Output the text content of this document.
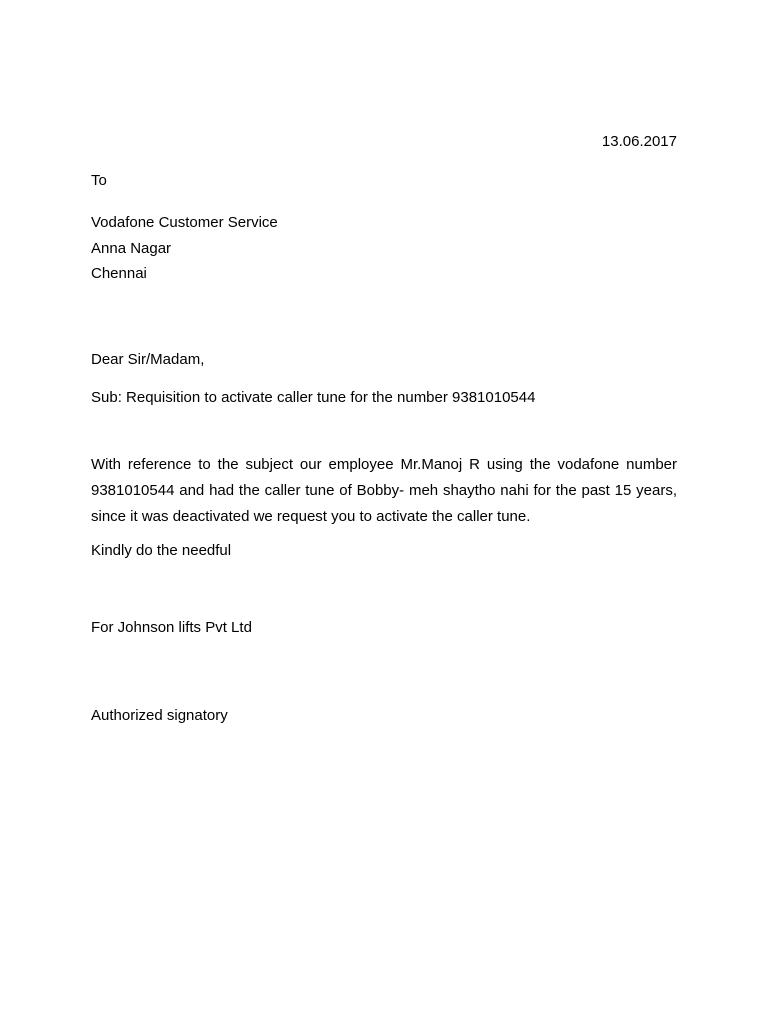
13.06.2017

To

Vodafone Customer Service
Anna Nagar
Chennai

Dear Sir/Madam,

Sub: Requisition to activate caller tune for the number 9381010544

With reference to the subject our employee Mr.Manoj R using the vodafone number 9381010544 and had the caller tune of Bobby- meh shaytho nahi for the past 15 years, since it was deactivated we request you to activate the caller tune.

Kindly do the needful

For Johnson lifts Pvt Ltd

Authorized signatory
